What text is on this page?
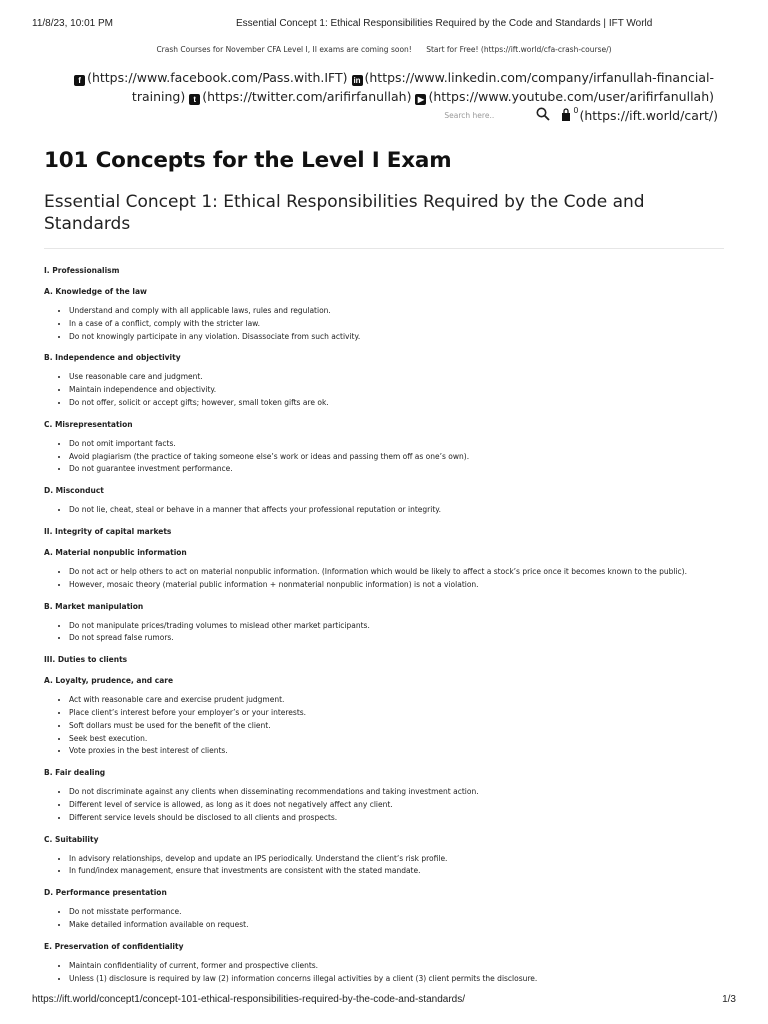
11/8/23, 10:01 PM	Essential Concept 1: Ethical Responsibilities Required by the Code and Standards | IFT World
Crash Courses for November CFA Level I, II exams are coming soon! Start for Free! (https://ift.world/cfa-crash-course/)
f (https://www.facebook.com/Pass.with.IFT) in (https://www.linkedin.com/company/irfanullah-financial-
training) t (https://twitter.com/arifirfanullah) ▶ (https://www.youtube.com/user/arifirfanullah)
Search here..
0 (https://ift.world/cart/)
101 Concepts for the Level I Exam
Essential Concept 1: Ethical Responsibilities Required by the Code and Standards
I. Professionalism
A. Knowledge of the law
• Understand and comply with all applicable laws, rules and regulation.
• In a case of a conflict, comply with the stricter law.
• Do not knowingly participate in any violation. Disassociate from such activity.
B. Independence and objectivity
• Use reasonable care and judgment.
• Maintain independence and objectivity.
• Do not offer, solicit or accept gifts; however, small token gifts are ok.
C. Misrepresentation
• Do not omit important facts.
• Avoid plagiarism (the practice of taking someone else’s work or ideas and passing them off as one’s own).
• Do not guarantee investment performance.
D. Misconduct
• Do not lie, cheat, steal or behave in a manner that affects your professional reputation or integrity.
II. Integrity of capital markets
A. Material nonpublic information
• Do not act or help others to act on material nonpublic information. (Information which would be likely to affect a stock’s price once it becomes known to the public).
• However, mosaic theory (material public information + nonmaterial nonpublic information) is not a violation.
B. Market manipulation
• Do not manipulate prices/trading volumes to mislead other market participants.
• Do not spread false rumors.
III. Duties to clients
A. Loyalty, prudence, and care
• Act with reasonable care and exercise prudent judgment.
• Place client’s interest before your employer’s or your interests.
• Soft dollars must be used for the benefit of the client.
• Seek best execution.
• Vote proxies in the best interest of clients.
B. Fair dealing
• Do not discriminate against any clients when disseminating recommendations and taking investment action.
• Different level of service is allowed, as long as it does not negatively affect any client.
• Different service levels should be disclosed to all clients and prospects.
C. Suitability
• In advisory relationships, develop and update an IPS periodically. Understand the client’s risk profile.
• In fund/index management, ensure that investments are consistent with the stated mandate.
D. Performance presentation
• Do not misstate performance.
• Make detailed information available on request.
E. Preservation of confidentiality
• Maintain confidentiality of current, former and prospective clients.
• Unless (1) disclosure is required by law (2) information concerns illegal activities by a client (3) client permits the disclosure.
https://ift.world/concept1/concept-101-ethical-responsibilities-required-by-the-code-and-standards/	1/3
